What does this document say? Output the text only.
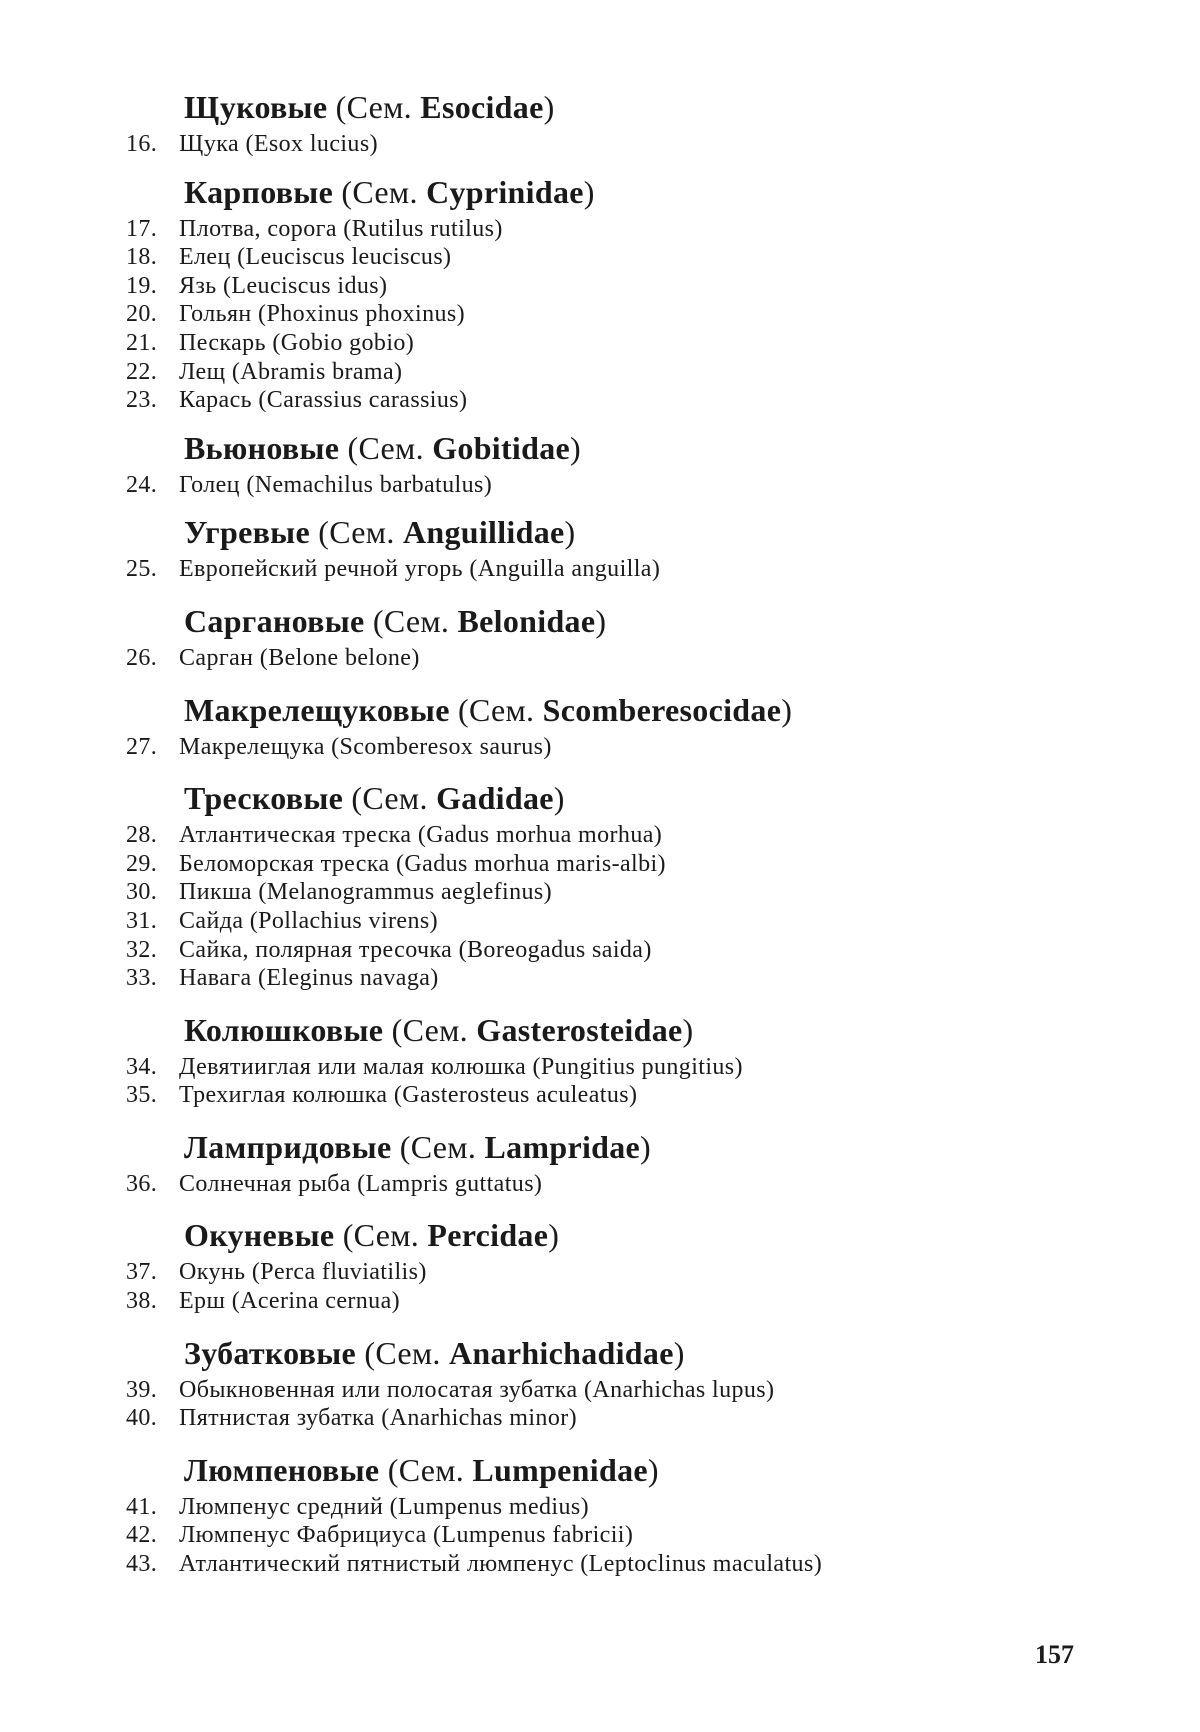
Щуковые (Сем. Esocidae)
16. Щука (Esox lucius)
Карповые (Сем. Cyprinidae)
17. Плотва, сорога (Rutilus rutilus)
18. Елец (Leuciscus leuciscus)
19. Язь (Leuciscus idus)
20. Гольян (Phoxinus phoxinus)
21. Пескарь (Gobio gobio)
22. Лещ (Abramis brama)
23. Карась (Carassius carassius)
Вьюновые (Сем. Gobitidae)
24. Голец (Nemachilus barbatulus)
Угревые (Сем. Anguillidae)
25. Европейский речной угорь (Anguilla anguilla)
Саргановые (Сем. Belonidae)
26. Сарган (Belone belone)
Макрелещуковые (Сем. Scomberesocidae)
27. Макрелещука (Scomberesox saurus)
Тресковые (Сем. Gadidae)
28. Атлантическая треска (Gadus morhua morhua)
29. Беломорская треска (Gadus morhua maris-albi)
30. Пикша (Melanogrammus aeglefinus)
31. Сайда (Pollachius virens)
32. Сайка, полярная тресочка (Boreogadus saida)
33. Навага (Eleginus navaga)
Колюшковые (Сем. Gasterosteidae)
34. Девятииглая или малая колюшка (Pungitius pungitius)
35. Трехиглая колюшка (Gasterosteus aculeatus)
Лампридовые (Сем. Lampridae)
36. Солнечная рыба (Lampris guttatus)
Окуневые (Сем. Percidae)
37. Окунь (Perca fluviatilis)
38. Ерш (Acerina cernua)
Зубатковые (Сем. Anarhichadidae)
39. Обыкновенная или полосатая зубатка (Anarhichas lupus)
40. Пятнистая зубатка (Anarhichas minor)
Люмпеновые (Сем. Lumpenidae)
41. Люмпенус средний (Lumpenus medius)
42. Люмпенус Фабрициуса (Lumpenus fabricii)
43. Атлантический пятнистый люмпенус (Leptoclinus maculatus)
157
